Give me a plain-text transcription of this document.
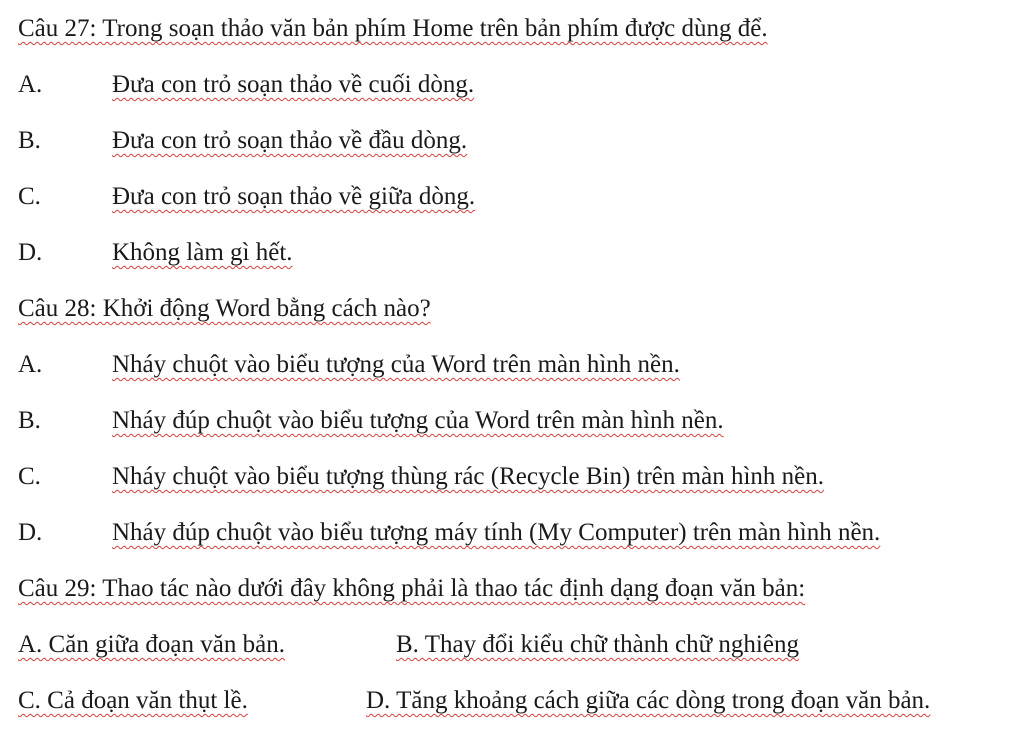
Câu 27: Trong soạn thảo văn bản phím Home trên bản phím được dùng để.
A.	Đưa con trỏ soạn thảo về cuối dòng.
B.	Đưa con trỏ soạn thảo về đầu dòng.
C.	Đưa con trỏ soạn thảo về giữa dòng.
D.	Không làm gì hết.
Câu 28: Khởi động Word bằng cách nào?
A.	Nháy chuột vào biểu tượng của Word trên màn hình nền.
B.	Nháy đúp chuột vào biểu tượng của Word trên màn hình nền.
C.	Nháy chuột vào biểu tượng thùng rác (Recycle Bin) trên màn hình nền.
D.	Nháy đúp chuột vào biểu tượng máy tính (My Computer) trên màn hình nền.
Câu 29: Thao tác nào dưới đây không phải là thao tác định dạng đoạn văn bản:
A. Căn giữa đoạn văn bản.	B. Thay đổi kiểu chữ thành chữ nghiêng
C. Cả đoạn văn thụt lề.	D. Tăng khoảng cách giữa các dòng trong đoạn văn bản.
